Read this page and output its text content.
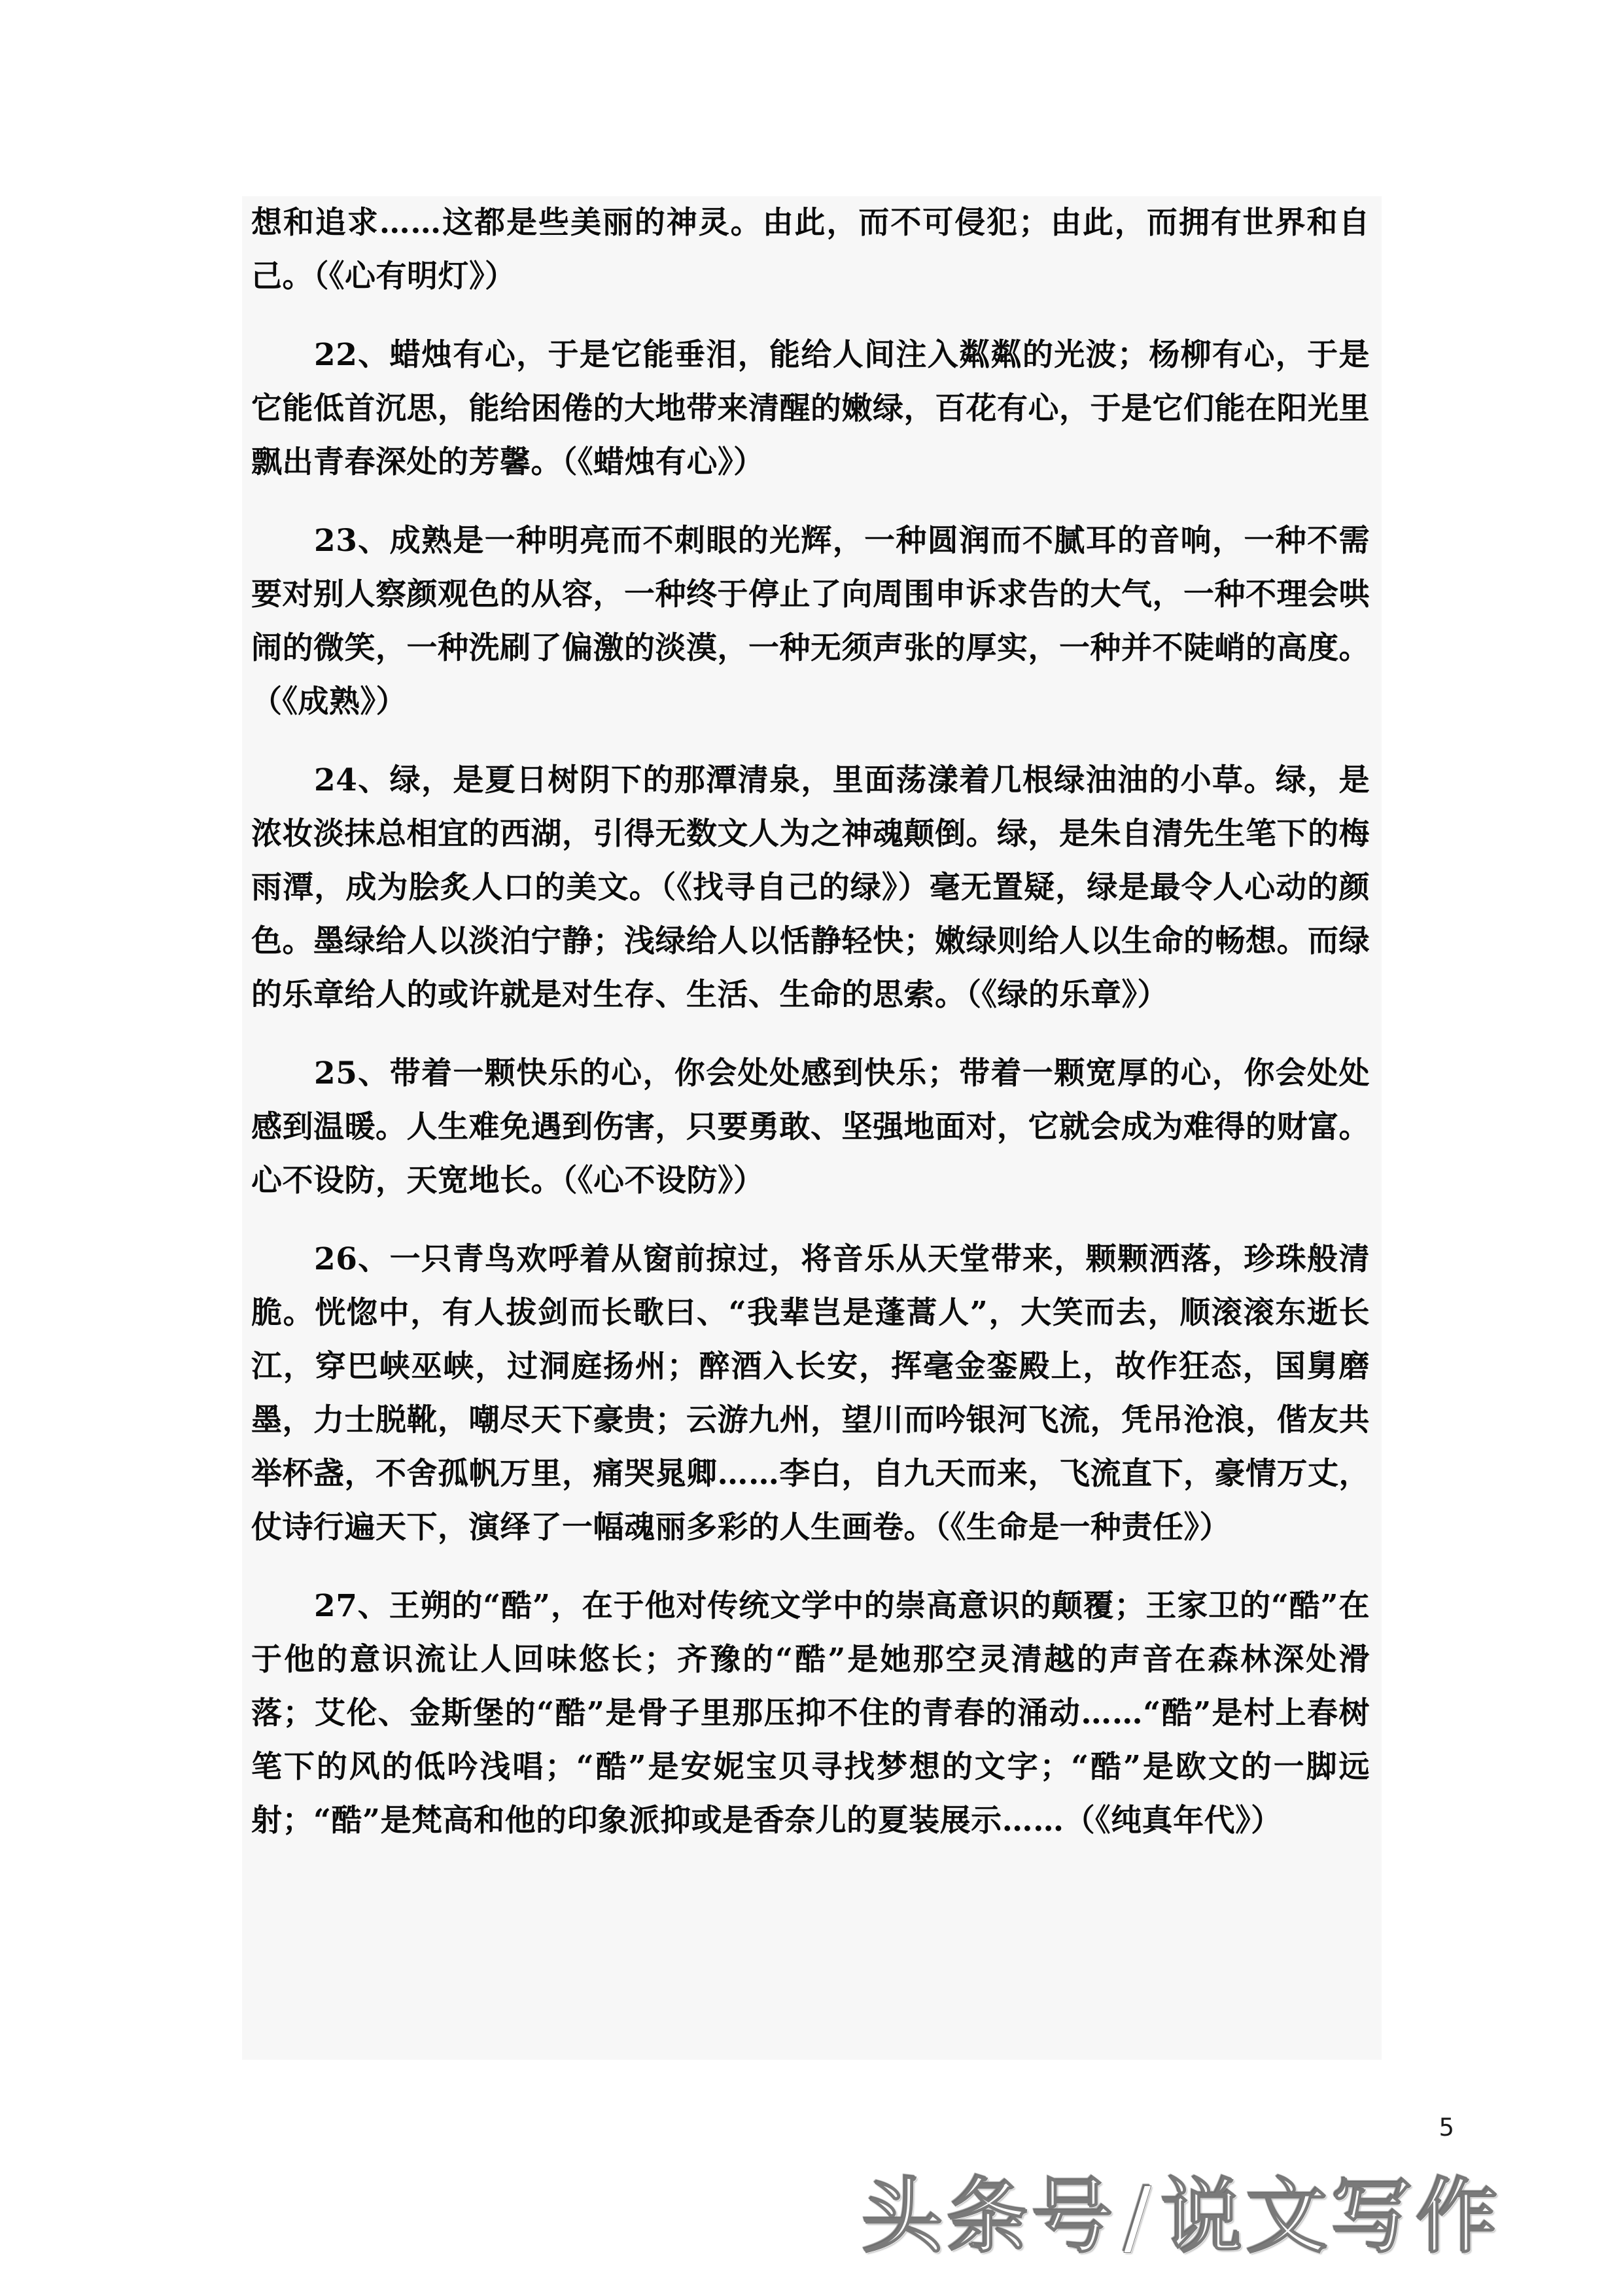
想和追求……这都是些美丽的神灵。由此，而不可侵犯；由此，而拥有世界和自己。（《心有明灯》）

22、蜡烛有心，于是它能垂泪，能给人间注入粼粼的光波；杨柳有心，于是它能低首沉思，能给困倦的大地带来清醒的嫩绿，百花有心，于是它们能在阳光里飘出青春深处的芳馨。（《蜡烛有心》）

23、成熟是一种明亮而不刺眼的光辉，一种圆润而不腻耳的音响，一种不需要对别人察颜观色的从容，一种终于停止了向周围申诉求告的大气，一种不理会哄闹的微笑，一种洗刷了偏激的淡漠，一种无须声张的厚实，一种并不陡峭的高度。（《成熟》）

24、绿，是夏日树阴下的那潭清泉，里面荡漾着几根绿油油的小草。绿，是浓妆淡抹总相宜的西湖，引得无数文人为之神魂颠倒。绿，是朱自清先生笔下的梅雨潭，成为脍炙人口的美文。（《找寻自己的绿》）毫无置疑，绿是最令人心动的颜色。墨绿给人以淡泊宁静；浅绿给人以恬静轻快；嫩绿则给人以生命的畅想。而绿的乐章给人的或许就是对生存、生活、生命的思索。（《绿的乐章》）

25、带着一颗快乐的心，你会处处感到快乐；带着一颗宽厚的心，你会处处感到温暖。人生难免遇到伤害，只要勇敢、坚强地面对，它就会成为难得的财富。心不设防，天宽地长。（《心不设防》）

26、一只青鸟欢呼着从窗前掠过，将音乐从天堂带来，颗颗洒落，珍珠般清脆。恍惚中，有人拔剑而长歌曰、“我辈岂是蓬蒿人”，大笑而去，顺滚滚东逝长江，穿巴峡巫峡，过洞庭扬州；醉酒入长安，挥毫金銮殿上，故作狂态，国舅磨墨，力士脱靴，嘲尽天下豪贵；云游九州，望川而吟银河飞流，凭吊沧浪，偕友共举杯盏，不舍孤帆万里，痛哭晁卿……李白，自九天而来，飞流直下，豪情万丈，仗诗行遍天下，演绎了一幅魂丽多彩的人生画卷。（《生命是一种责任》）

27、王朔的“酷”，在于他对传统文学中的崇高意识的颠覆；王家卫的“酷”在于他的意识流让人回味悠长；齐豫的“酷”是她那空灵清越的声音在森林深处滑落；艾伦、金斯堡的“酷”是骨子里那压抑不住的青春的涌动……“酷”是村上春树笔下的风的低吟浅唱；“酷”是安妮宝贝寻找梦想的文字；“酷”是欧文的一脚远射；“酷”是梵高和他的印象派抑或是香奈儿的夏装展示……（《纯真年代》）

5
头条号/说文写作
